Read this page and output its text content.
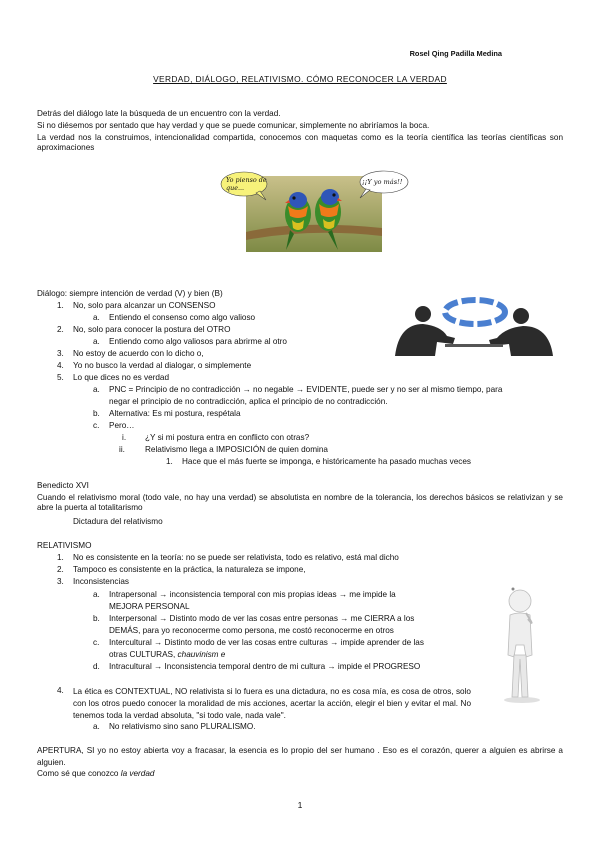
Rosel Qing Padilla Medina
VERDAD, DIÁLOGO, RELATIVISMO. CÓMO RECONOCER LA VERDAD
Detrás del diálogo late la búsqueda de un encuentro con la verdad.
Si no diésemos por sentado que hay verdad y que se puede comunicar, simplemente no abriríamos la boca.
La verdad nos la construimos, intencionalidad compartida, conocemos con maquetas como es la teoría científica las teorías científicas son aproximaciones
Yo pienso de que...
¡¡Y yo más!!
Diálogo: siempre intención de verdad (V) y bien (B)
1. No, solo para alcanzar un CONSENSO
a. Entiendo el consenso como algo valioso
2. No, solo para conocer la postura del OTRO
a. Entiendo como algo valiosos para abrirme al otro
3. No estoy de acuerdo con lo dicho o,
4. Yo no busco la verdad al dialogar, o simplemente
5. Lo que dices no es verdad
a. PNC = Principio de no contradicción → no negable → EVIDENTE, puede ser y no ser al mismo tiempo, para
negar el principio de no contradicción, aplica el principio de no contradicción.
b. Alternativa: Es mi postura, respétala
c. Pero…
i. ¿Y si mi postura entra en conflicto con otras?
ii. Relativismo llega a IMPOSICIÓN de quien domina
1. Hace que el más fuerte se imponga, e históricamente ha pasado muchas veces
Benedicto XVI
Cuando el relativismo moral (todo vale, no hay una verdad) se absolutista en nombre de la tolerancia, los derechos básicos se relativizan y se abre la puerta al totalitarismo
Dictadura del relativismo
RELATIVISMO
1. No es consistente en la teoría: no se puede ser relativista, todo es relativo, está mal dicho
2. Tampoco es consistente en la práctica, la naturaleza se impone,
3. Inconsistencias
a. Intrapersonal → inconsistencia temporal con mis propias ideas → me impide la
MEJORA PERSONAL
b. Interpersonal → Distinto modo de ver las cosas entre personas → me CIERRA a los
DEMÁS, para yo reconocerme como persona, me costó reconocerme en otros
c. Intercultural → Distinto modo de ver las cosas entre culturas → impide aprender de las
otras CULTURAS, chauvinism e
d. Intracultural → Inconsistencia temporal dentro de mi cultura → impide el PROGRESO
4. La ética es CONTEXTUAL, NO relativista si lo fuera es una dictadura, no es cosa mía, es cosa de otros, solo con los otros puedo conocer la moralidad de mis acciones, acertar la acción, elegir el bien y evitar el mal. No tenemos toda la verdad absoluta, "si todo vale, nada vale".
a. No relativismo sino sano PLURALISMO.
APERTURA, SI yo no estoy abierta voy a fracasar, la esencia es lo propio del ser humano . Eso es el corazón, querer a alguien es abrirse a alguien.
Como sé que conozco la verdad
1
